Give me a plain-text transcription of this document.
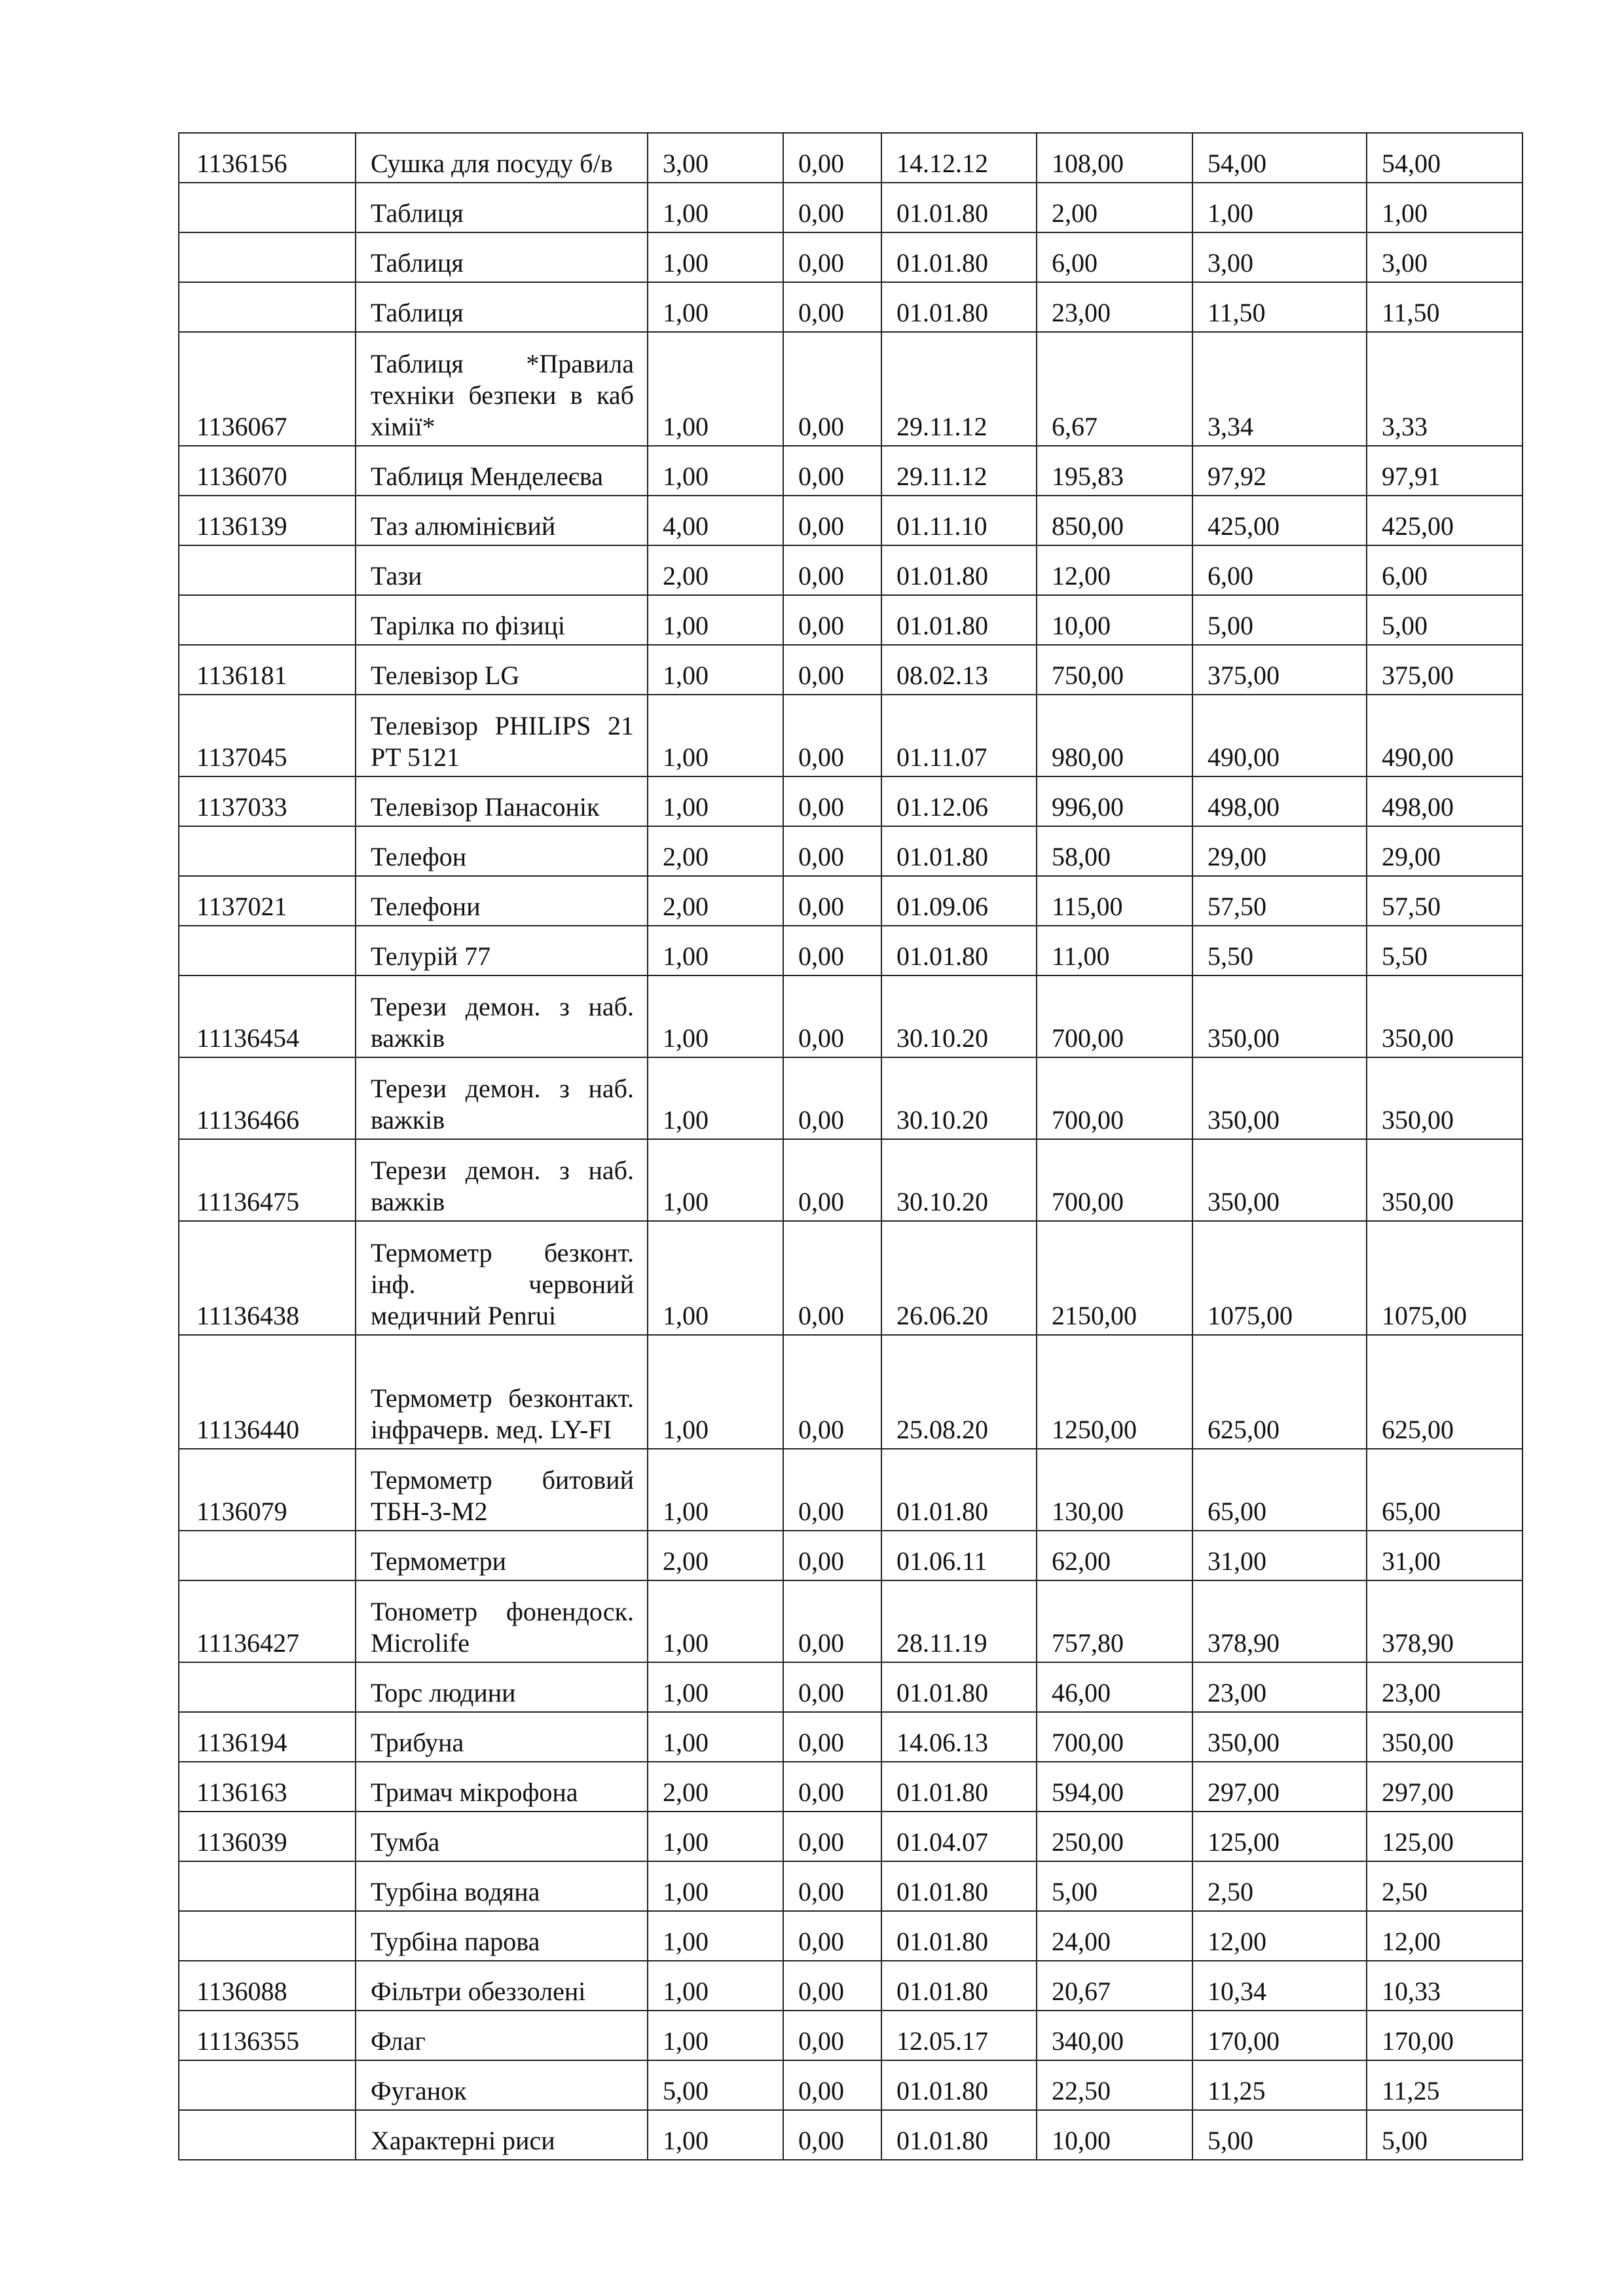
1136156	Сушка для посуду б/в	3,00	0,00	14.12.12	108,00	54,00	54,00
	Таблиця	1,00	0,00	01.01.80	2,00	1,00	1,00
	Таблиця	1,00	0,00	01.01.80	6,00	3,00	3,00
	Таблиця	1,00	0,00	01.01.80	23,00	11,50	11,50
1136067	Таблиця *Правила техніки безпеки в каб хімії*	1,00	0,00	29.11.12	6,67	3,34	3,33
1136070	Таблиця Менделеєва	1,00	0,00	29.11.12	195,83	97,92	97,91
1136139	Таз алюмінієвий	4,00	0,00	01.11.10	850,00	425,00	425,00
	Тази	2,00	0,00	01.01.80	12,00	6,00	6,00
	Тарілка по фізиці	1,00	0,00	01.01.80	10,00	5,00	5,00
1136181	Телевізор LG	1,00	0,00	08.02.13	750,00	375,00	375,00
1137045	Телевізор PHILIPS 21 PT 5121	1,00	0,00	01.11.07	980,00	490,00	490,00
1137033	Телевізор Панасонік	1,00	0,00	01.12.06	996,00	498,00	498,00
	Телефон	2,00	0,00	01.01.80	58,00	29,00	29,00
1137021	Телефони	2,00	0,00	01.09.06	115,00	57,50	57,50
	Телурій 77	1,00	0,00	01.01.80	11,00	5,50	5,50
11136454	Терези демон. з наб. важків	1,00	0,00	30.10.20	700,00	350,00	350,00
11136466	Терези демон. з наб. важків	1,00	0,00	30.10.20	700,00	350,00	350,00
11136475	Терези демон. з наб. важків	1,00	0,00	30.10.20	700,00	350,00	350,00
11136438	Термометр безконт. інф. червоний медичний Penrui	1,00	0,00	26.06.20	2150,00	1075,00	1075,00
11136440	Термометр безконтакт. інфрачерв. мед. LY-FI	1,00	0,00	25.08.20	1250,00	625,00	625,00
1136079	Термометр битовий ТБН-3-М2	1,00	0,00	01.01.80	130,00	65,00	65,00
	Термометри	2,00	0,00	01.06.11	62,00	31,00	31,00
11136427	Тонометр фонендоск. Microlife	1,00	0,00	28.11.19	757,80	378,90	378,90
	Торс людини	1,00	0,00	01.01.80	46,00	23,00	23,00
1136194	Трибуна	1,00	0,00	14.06.13	700,00	350,00	350,00
1136163	Тримач мікрофона	2,00	0,00	01.01.80	594,00	297,00	297,00
1136039	Тумба	1,00	0,00	01.04.07	250,00	125,00	125,00
	Турбіна водяна	1,00	0,00	01.01.80	5,00	2,50	2,50
	Турбіна парова	1,00	0,00	01.01.80	24,00	12,00	12,00
1136088	Фільтри обеззолені	1,00	0,00	01.01.80	20,67	10,34	10,33
11136355	Флаг	1,00	0,00	12.05.17	340,00	170,00	170,00
	Фуганок	5,00	0,00	01.01.80	22,50	11,25	11,25
	Характерні риси	1,00	0,00	01.01.80	10,00	5,00	5,00
